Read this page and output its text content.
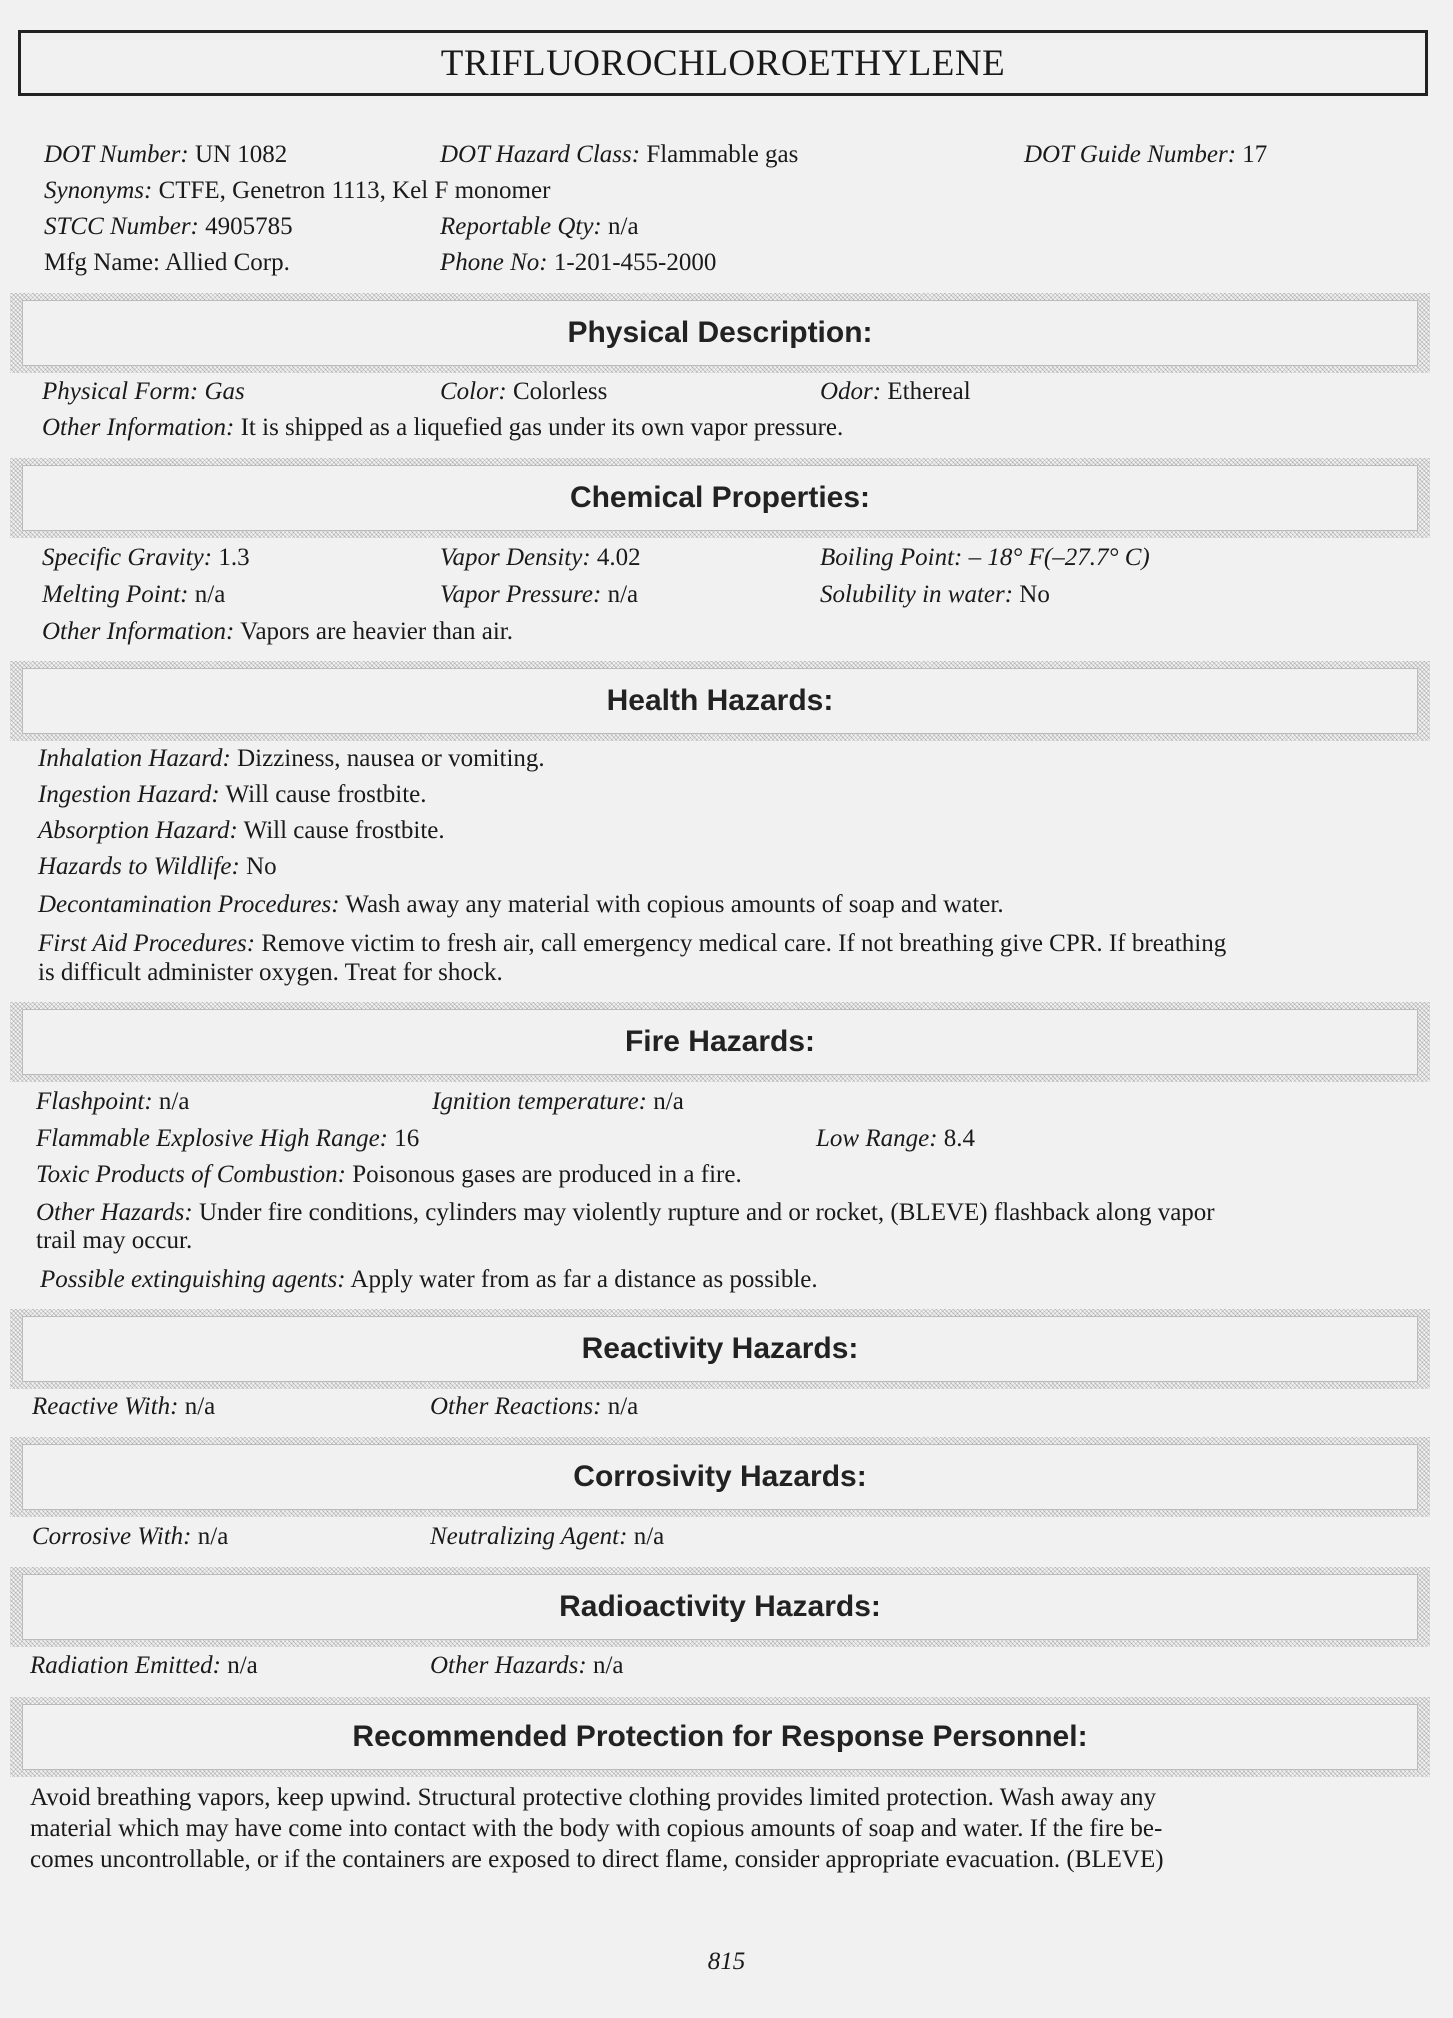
TRIFLUOROCHLOROETHYLENE
DOT Number: UN 1082	DOT Hazard Class: Flammable gas	DOT Guide Number: 17
Synonyms: CTFE, Genetron 1113, Kel F monomer
STCC Number: 4905785	Reportable Qty: n/a
Mfg Name: Allied Corp.	Phone No: 1-201-455-2000
Physical Description:
Physical Form: Gas	Color: Colorless	Odor: Ethereal
Other Information: It is shipped as a liquefied gas under its own vapor pressure.
Chemical Properties:
Specific Gravity: 1.3	Vapor Density: 4.02	Boiling Point: – 18° F(–27.7° C)
Melting Point: n/a	Vapor Pressure: n/a	Solubility in water: No
Other Information: Vapors are heavier than air.
Health Hazards:
Inhalation Hazard: Dizziness, nausea or vomiting.
Ingestion Hazard: Will cause frostbite.
Absorption Hazard: Will cause frostbite.
Hazards to Wildlife: No
Decontamination Procedures: Wash away any material with copious amounts of soap and water.
First Aid Procedures: Remove victim to fresh air, call emergency medical care. If not breathing give CPR. If breathing
is difficult administer oxygen. Treat for shock.
Fire Hazards:
Flashpoint: n/a	Ignition temperature: n/a
Flammable Explosive High Range: 16	Low Range: 8.4
Toxic Products of Combustion: Poisonous gases are produced in a fire.
Other Hazards: Under fire conditions, cylinders may violently rupture and or rocket, (BLEVE) flashback along vapor
trail may occur.
Possible extinguishing agents: Apply water from as far a distance as possible.
Reactivity Hazards:
Reactive With: n/a	Other Reactions: n/a
Corrosivity Hazards:
Corrosive With: n/a	Neutralizing Agent: n/a
Radioactivity Hazards:
Radiation Emitted: n/a	Other Hazards: n/a
Recommended Protection for Response Personnel:
Avoid breathing vapors, keep upwind. Structural protective clothing provides limited protection. Wash away any
material which may have come into contact with the body with copious amounts of soap and water. If the fire be-
comes uncontrollable, or if the containers are exposed to direct flame, consider appropriate evacuation. (BLEVE)
815
